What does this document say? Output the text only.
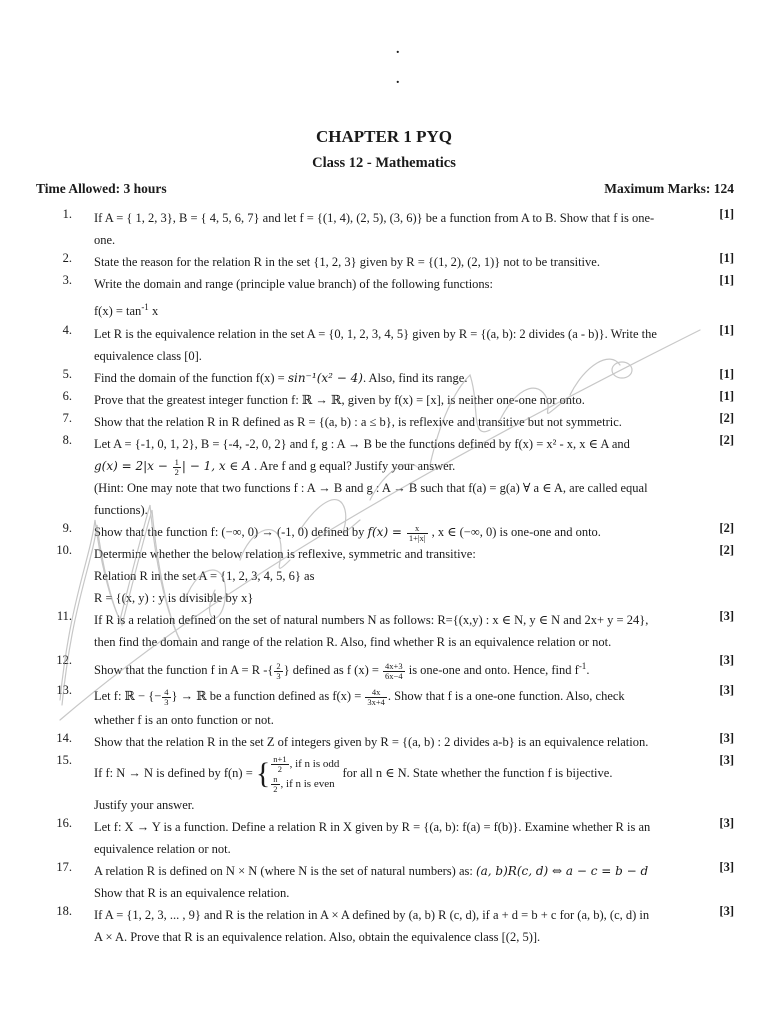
.
.
CHAPTER 1 PYQ
Class 12 - Mathematics
Time Allowed: 3 hours	Maximum Marks: 124
1. If A = { 1, 2, 3}, B = { 4, 5, 6, 7} and let f = {(1, 4), (2, 5), (3, 6)} be a function from A to B. Show that f is one-

one.

[1]
2. State the reason for the relation R in the set {1, 2, 3} given by R = {(1, 2), (2, 1)} not to be transitive.	[1]
3. Write the domain and range (principle value branch) of the following functions:

$f(x) = \tan^{-1} x$

[1]
4. Let R is the equivalence relation in the set A = {0, 1, 2, 3, 4, 5} given by R = {(a, b): 2 divides (a - b)}. Write the

equivalence class [0].

[1]
5. Find the domain of the function f(x) = sin⁻¹(x² − 4). Also, find its range.	[1]
6. Prove that the greatest integer function f: ℝ → ℝ, given by f(x) = [x], is neither one-one nor onto.	[1]
7. Show that the relation R in R defined as R = {(a, b) : a ≤ b}, is reflexive and transitive but not symmetric.	[2]
8. Let A = {-1, 0, 1, 2}, B = {-4, -2, 0, 2} and f, g : A → B be the functions defined by f(x) = x² - x, x ∈ A and

$g(x) = 2|x - \frac{1}{2}$ | − 1, x ∈ A . Are f and g equal? Justify your answer.

(Hint: One may note that two functions f : A → B and g : A → B such that f(a) = g(a) ∀ a ∈ A, are called equal

functions).

[2]
9. Show that the function f: (−∞, 0) → (-1, 0) defined by $f(x) = \frac{x}{1+|x|}$ , x ∈ (−∞, 0) is one-one and onto.	[2]
10. Determine whether the below relation is reflexive, symmetric and transitive:

Relation R in the set A = {1, 2, 3, 4, 5, 6} as

R = {(x, y) : y is divisible by x}

[2]
11. If R is a relation defined on the set of natural numbers N as follows: R={(x,y) : x ∈ N, y ∈ N and 2x+ y = 24},

then find the domain and range of the relation R. Also, find whether R is an equivalence relation or not.

[3]
12.

Show that the function f in A = R -{ $\frac{2}{3}$ } defined as f $(x) = \frac{4x+3}{6x-4}$ is one-one and onto. Hence, find $f^{-1}$.

[3]
13. Let f: ℝ − {− $\frac{4}{3}$ } → ℝ be a function defined as $f(x) = \frac{4x}{3x+4}$ . Show that f is a one-one function. Also, check

whether f is an onto function or not.

[3]
14. Show that the relation R in the set Z of integers given by R = {(a, b) : 2 divides a-b} is an equivalence relation.	[3]
15.

If f: N → N is defined by f(n) = { $\frac{n+1}{2}$ , if n is odd
$\frac{n}{2}$ , if n is even
for all n ∈ N. State whether the function f is bijective.

Justify your answer.

[3]
16. Let f: X → Y is a function. Define a relation R in X given by R = {(a, b): f(a) = f(b)}. Examine whether R is an

equivalence relation or not.

[3]
17. A relation R is defined on N × N (where N is the set of natural numbers) as: (a, b)R(c, d) ⇔ a − c = b − d

Show that R is an equivalence relation.

[3]
18. If A = {1, 2, 3, ... , 9} and R is the relation in A × A defined by (a, b) R (c, d), if a + d = b + c for (a, b), (c, d) in

A × A. Prove that R is an equivalence relation. Also, obtain the equivalence class [(2, 5)].

[3]
